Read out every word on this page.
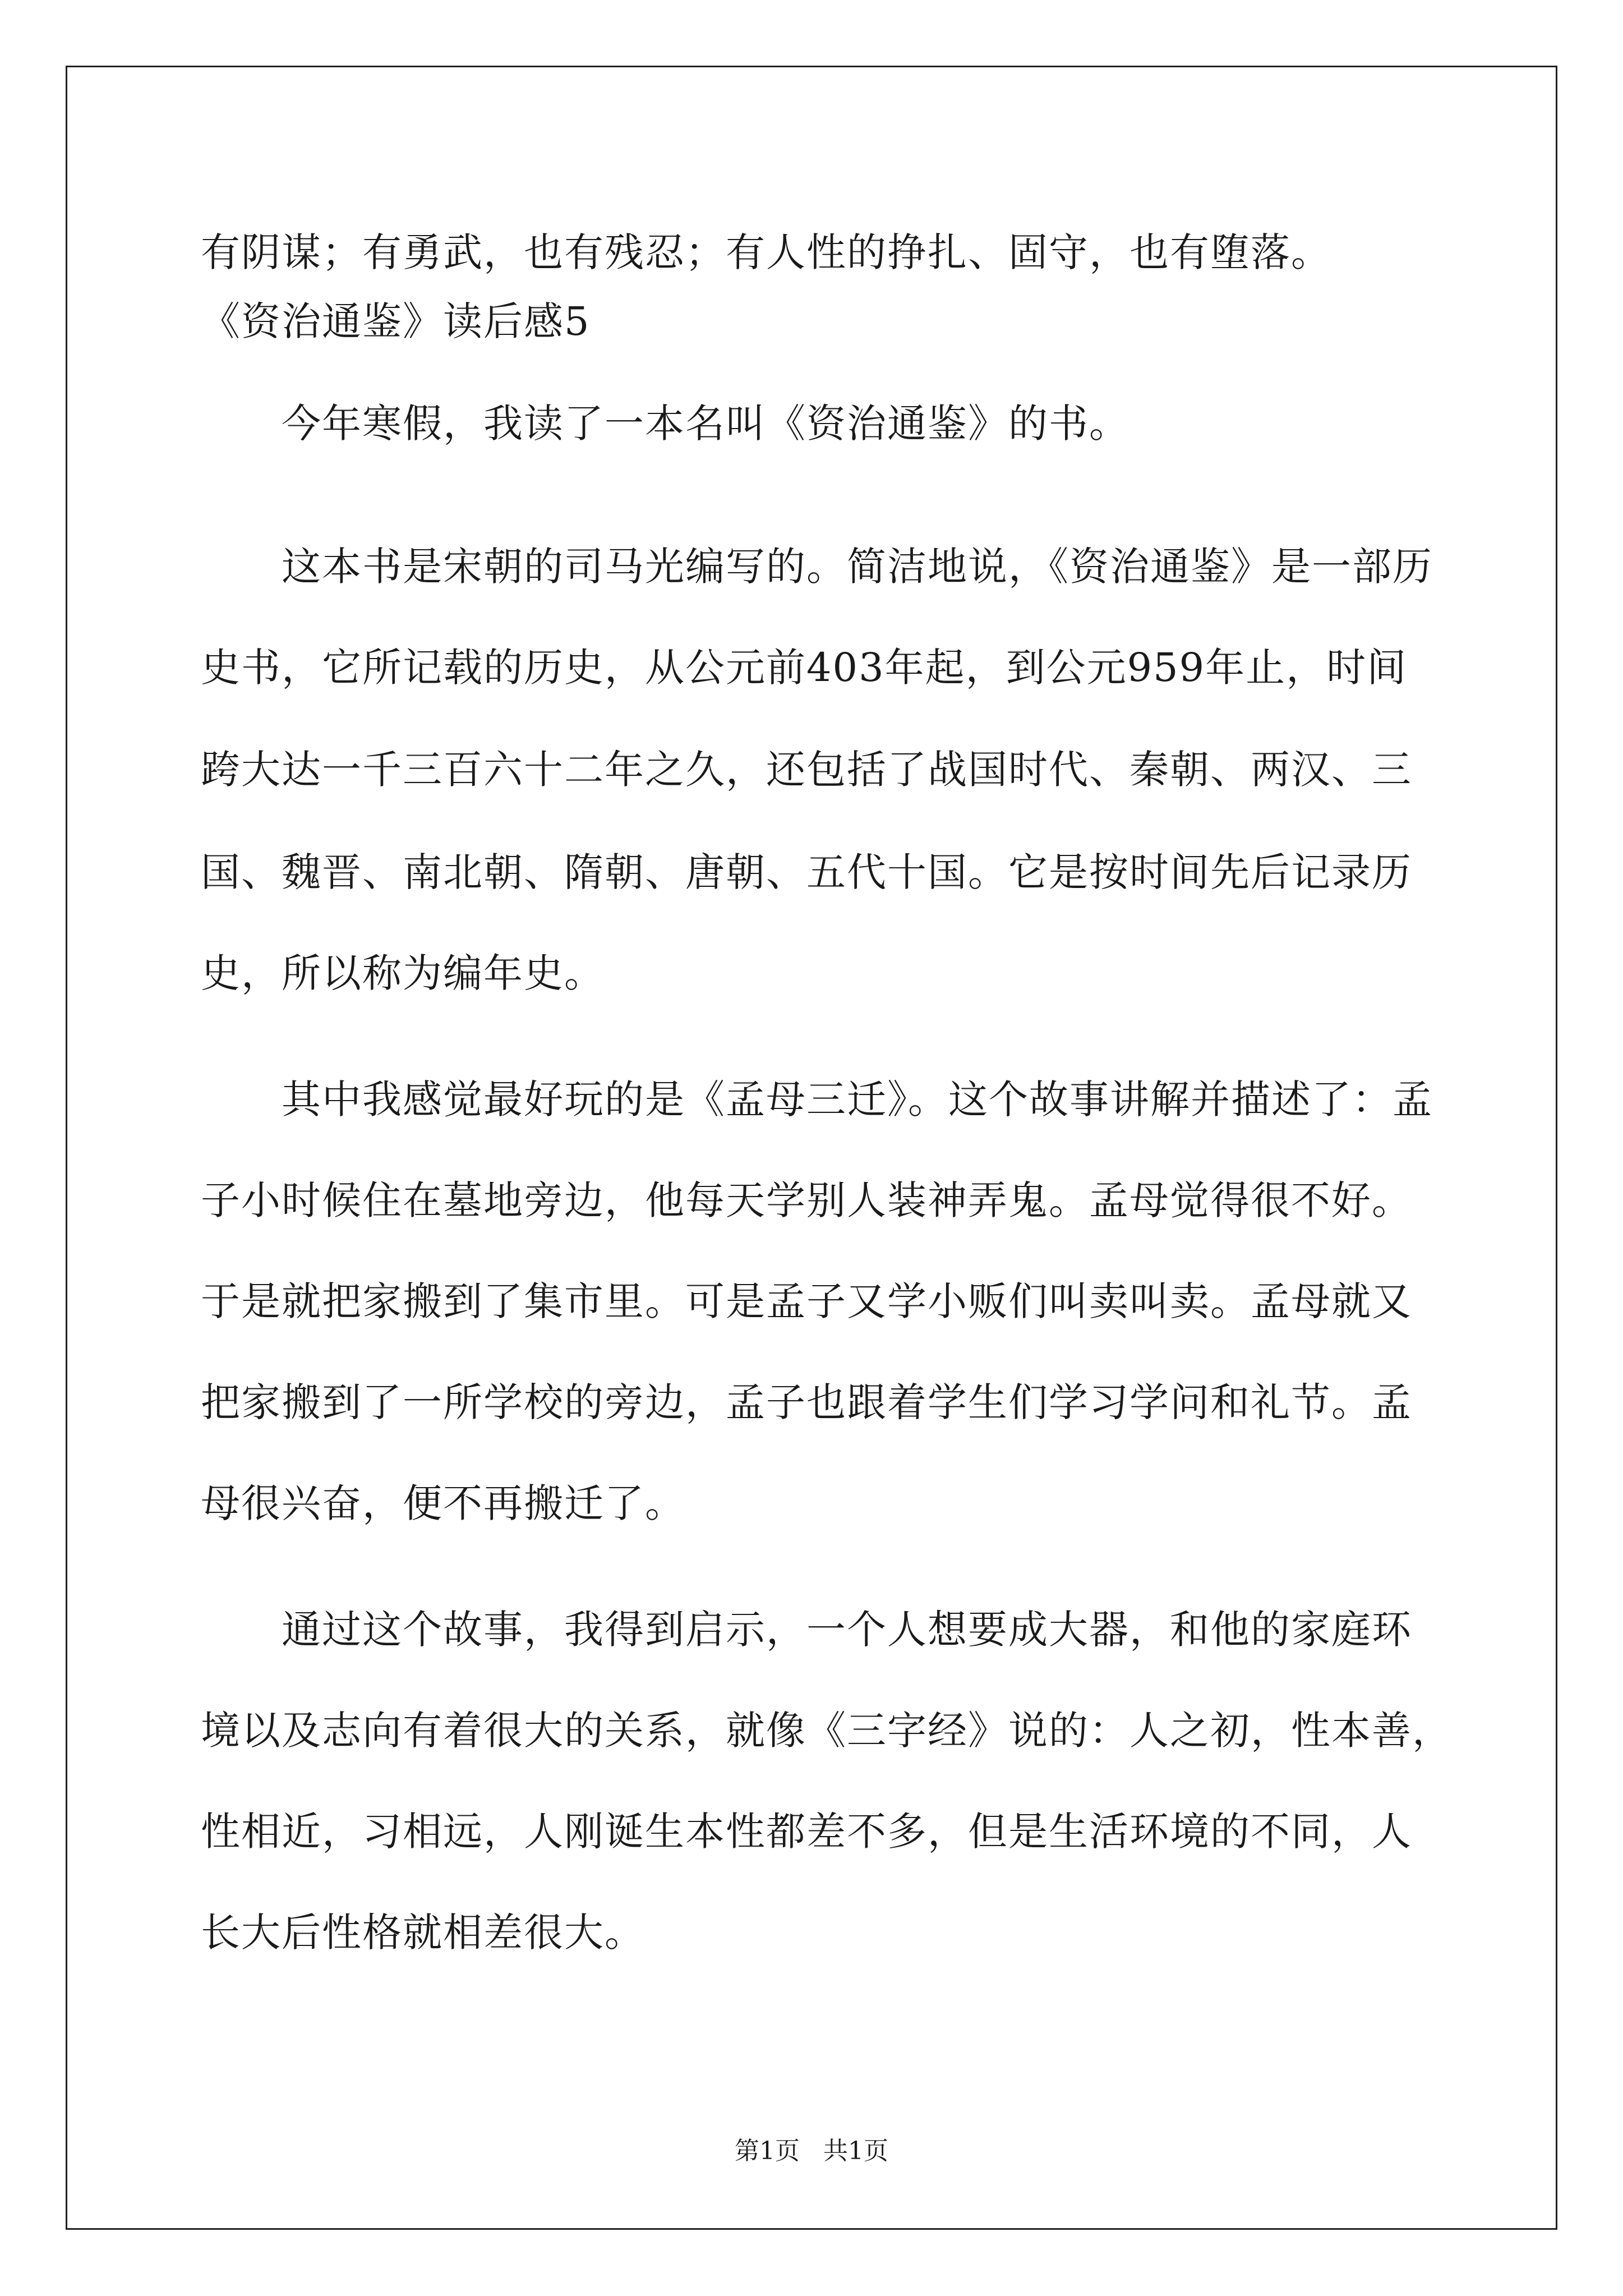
有阴谋；有勇武，也有残忍；有人性的挣扎、固守，也有堕落。
《资治通鉴》读后感5
今年寒假，我读了一本名叫《资治通鉴》的书。
这本书是宋朝的司马光编写的。简洁地说，《资治通鉴》是一部历
史书，它所记载的历史，从公元前403年起，到公元959年止，时间
跨大达一千三百六十二年之久，还包括了战国时代、秦朝、两汉、三
国、魏晋、南北朝、隋朝、唐朝、五代十国。它是按时间先后记录历
史，所以称为编年史。
其中我感觉最好玩的是《孟母三迁》。这个故事讲解并描述了：孟
子小时候住在墓地旁边，他每天学别人装神弄鬼。孟母觉得很不好。
于是就把家搬到了集市里。可是孟子又学小贩们叫卖叫卖。孟母就又
把家搬到了一所学校的旁边，孟子也跟着学生们学习学问和礼节。孟
母很兴奋，便不再搬迁了。
通过这个故事，我得到启示，一个人想要成大器，和他的家庭环
境以及志向有着很大的关系，就像《三字经》说的：人之初，性本善，
性相近，习相远，人刚诞生本性都差不多，但是生活环境的不同，人
长大后性格就相差很大。
第1页   共1页
